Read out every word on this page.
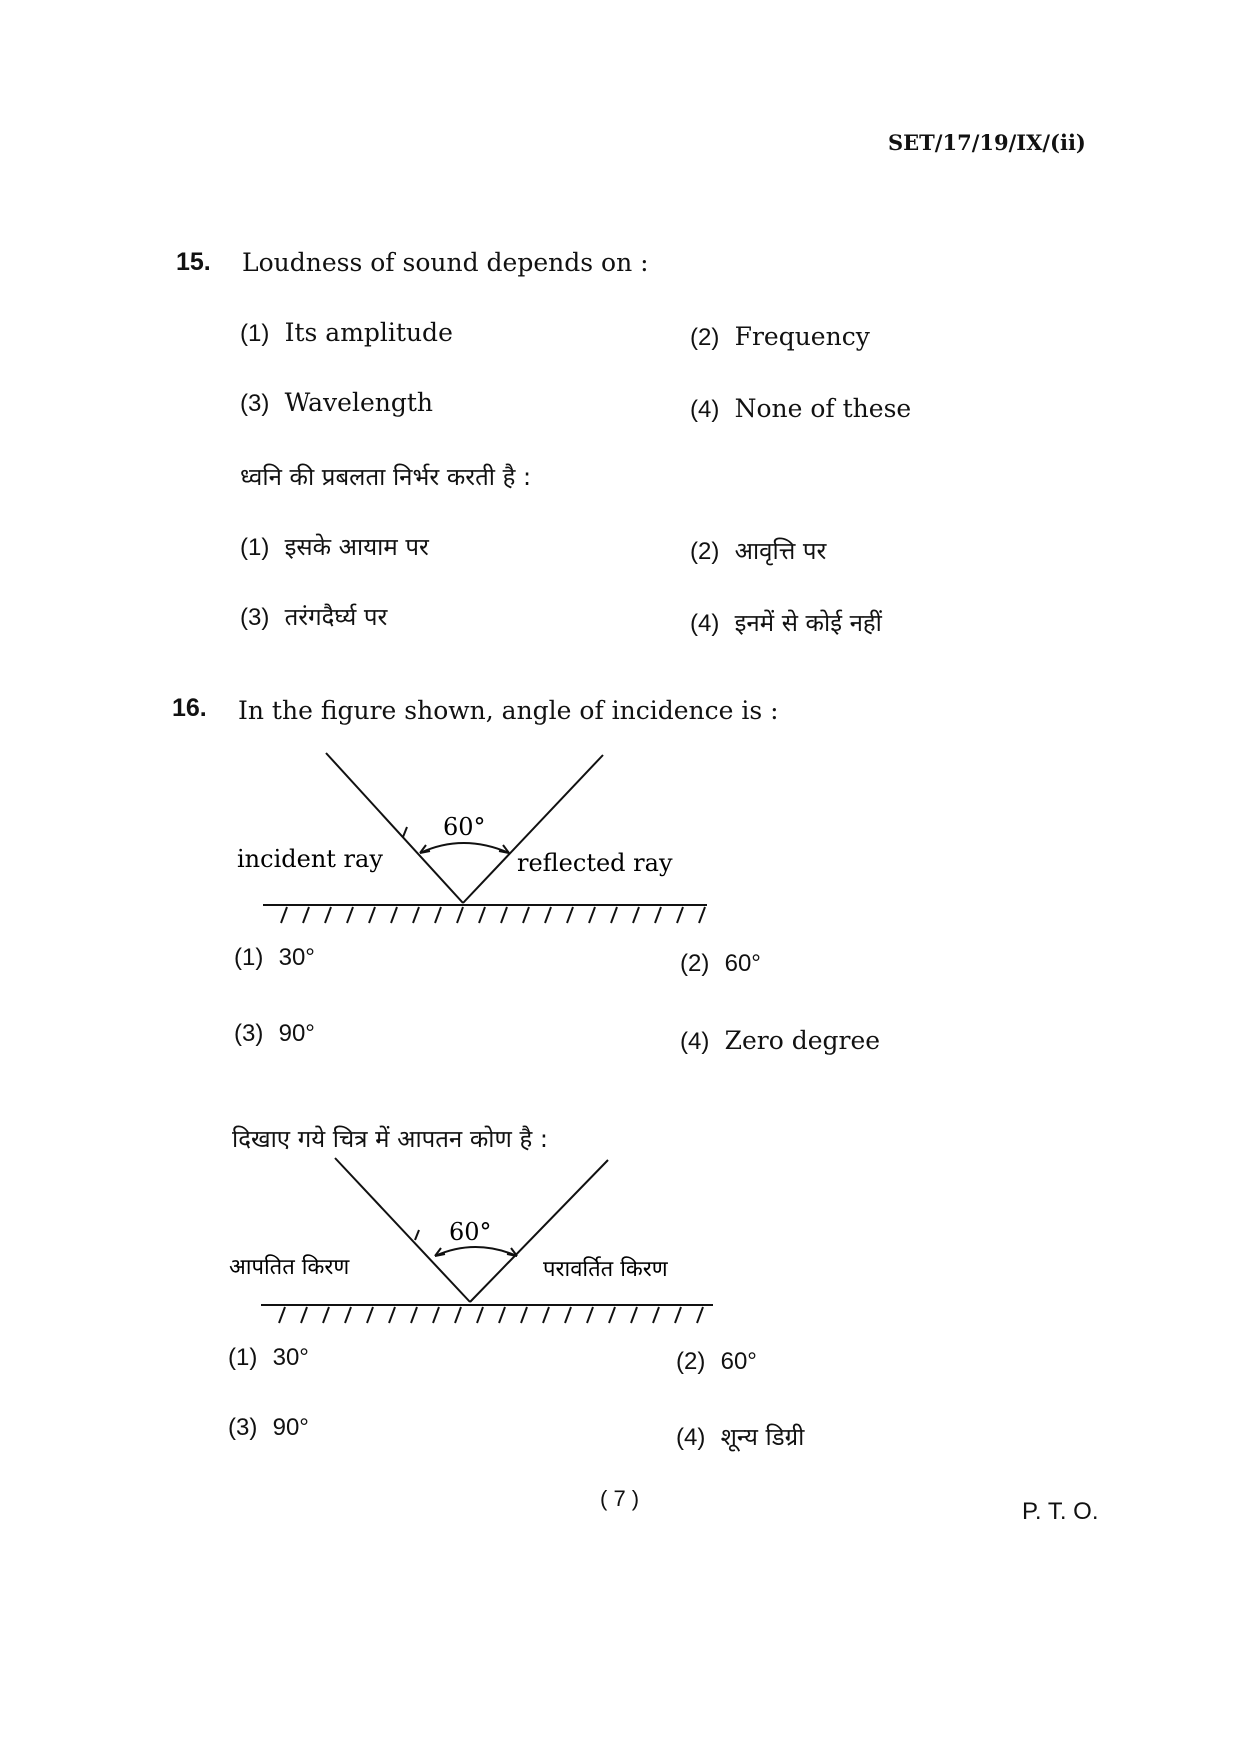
SET/17/19/IX/(ii)
15. Loudness of sound depends on :
(1) Its amplitude	(2) Frequency
(3) Wavelength	(4) None of these
ध्वनि की प्रबलता निर्भर करती है :
(1) इसके आयाम पर	(2) आवृत्ति पर
(3) तरंगदैर्घ्य पर	(4) इनमें से कोई नहीं
16. In the figure shown, angle of incidence is :
60°
incident ray	reflected ray
(1) 30°	(2) 60°
(3) 90°	(4) Zero degree
दिखाए गये चित्र में आपतन कोण है :
60°
आपतित किरण	परावर्तित किरण
(1) 30°	(2) 60°
(3) 90°	(4) शून्य डिग्री
( 7 )	P. T. O.
